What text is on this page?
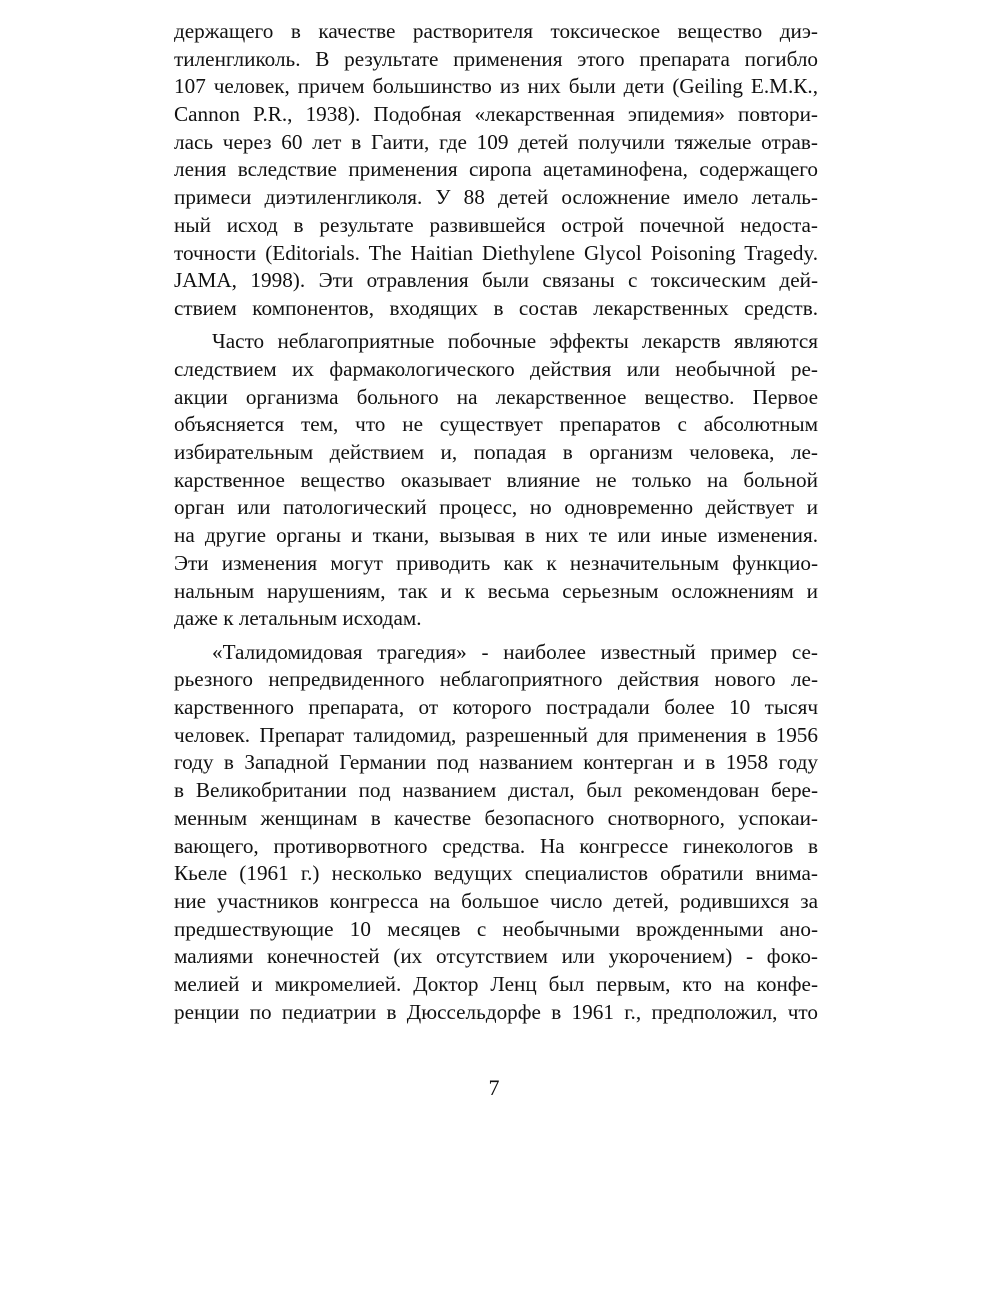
держащего в качестве растворителя токсическое вещество диэ-
тиленгликоль. В результате применения этого препарата погибло
107 человек, причем большинство из них были дети (Geiling Е.М.К.,
Cannon P.R., 1938). Подобная «лекарственная эпидемия» повтори-
лась через 60 лет в Гаити, где 109 детей получили тяжелые отрав-
ления вследствие применения сиропа ацетаминофена, содержащего
примеси диэтиленгликоля. У 88 детей осложнение имело леталь-
ный исход в результате развившейся острой почечной недоста-
точности (Editorials. The Haitian Diethylene Glycol Poisoning Tragedy.
JAMA, 1998). Эти отравления были связаны с токсическим дей-
ствием компонентов, входящих в состав лекарственных средств.
Часто неблагоприятные побочные эффекты лекарств являются
следствием их фармакологического действия или необычной ре-
акции организма больного на лекарственное вещество. Первое
объясняется тем, что не существует препаратов с абсолютным
избирательным действием и, попадая в организм человека, ле-
карственное вещество оказывает влияние не только на больной
орган или патологический процесс, но одновременно действует и
на другие органы и ткани, вызывая в них те или иные изменения.
Эти изменения могут приводить как к незначительным функцио-
нальным нарушениям, так и к весьма серьезным осложнениям и
даже к летальным исходам.
«Талидомидовая трагедия» - наиболее известный пример се-
рьезного непредвиденного неблагоприятного действия нового ле-
карственного препарата, от которого пострадали более 10 тысяч
человек. Препарат талидомид, разрешенный для применения в 1956
году в Западной Германии под названием контерган и в 1958 году
в Великобритании под названием дистал, был рекомендован бере-
менным женщинам в качестве безопасного снотворного, успокаи-
вающего, противорвотного средства. На конгрессе гинекологов в
Кьеле (1961 г.) несколько ведущих специалистов обратили внима-
ние участников конгресса на большое число детей, родившихся за
предшествующие 10 месяцев с необычными врожденными ано-
малиями конечностей (их отсутствием или укорочением) - фоко-
мелией и микромелией. Доктор Ленц был первым, кто на конфе-
ренции по педиатрии в Дюссельдорфе в 1961 г., предположил, что
7
